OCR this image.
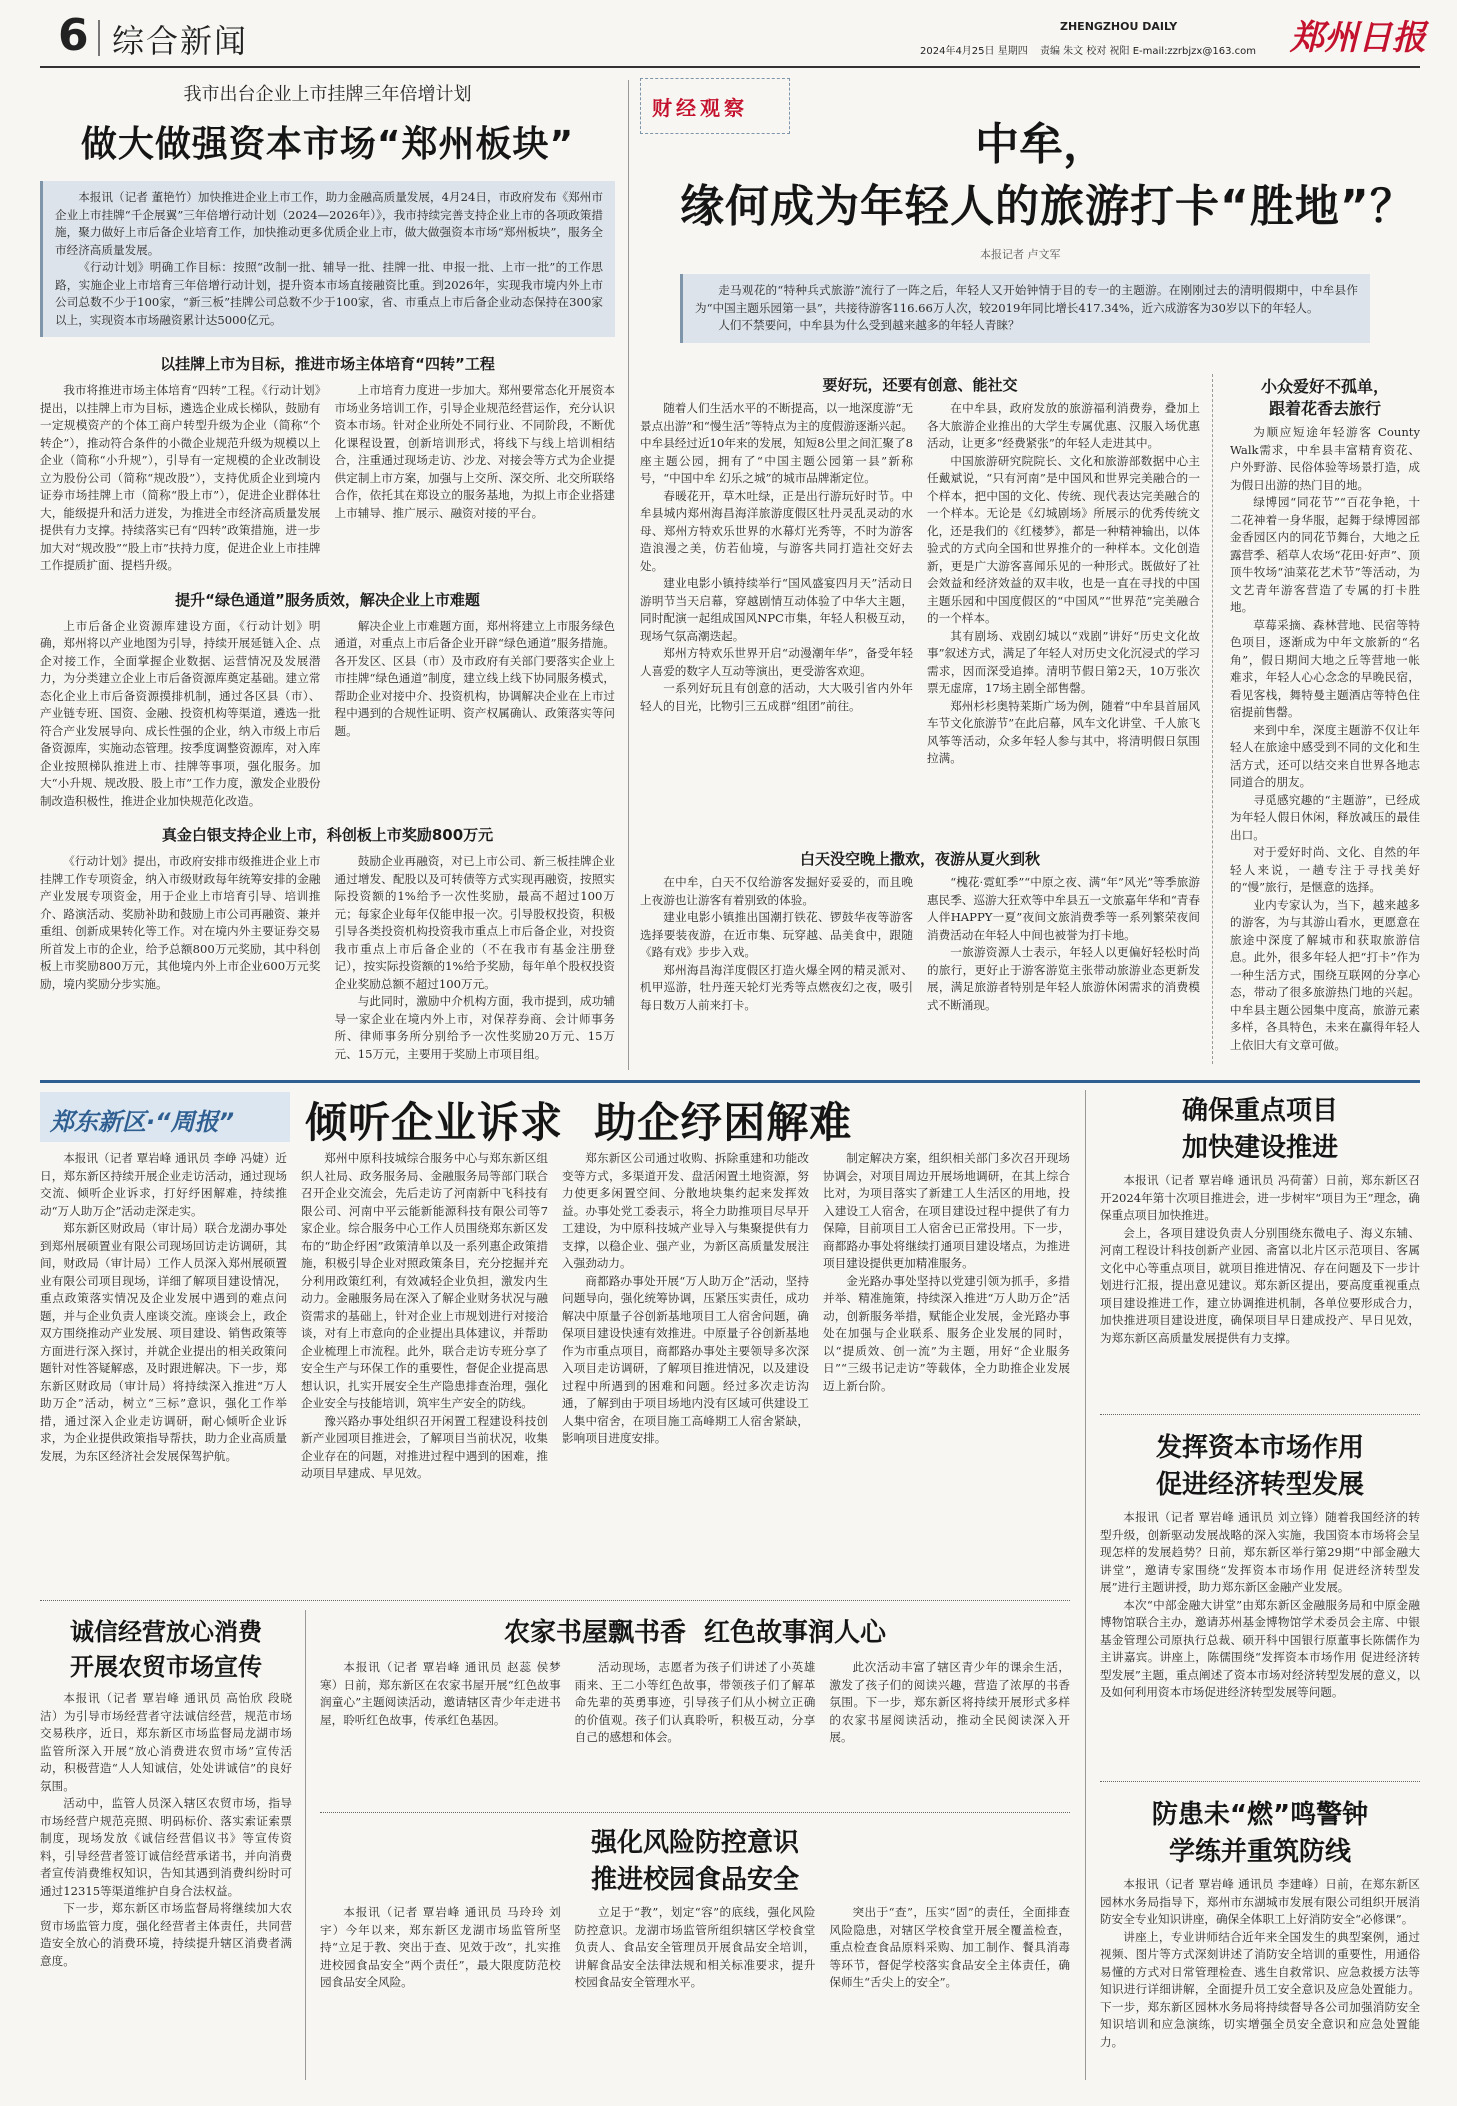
6 综合新闻	ZHENGZHOU DAILY
2024年4月25日 星期四 责编 朱文 校对 祝阳 E-mail:zzrbjzx@163.com 郑州日报
我市出台企业上市挂牌三年倍增计划
做大做强资本市场“郑州板块”

本报讯（记者 董艳竹）加快推进企业上市工作，助力金融高质量发展，4月24日，市政府发布《郑州市企业上市挂牌“千企展翼”三年倍增行动计划（2024—2026年）》，我市持续完善支持企业上市的各项政策措施，聚力做好上市后备企业培育工作，加快推动更多优质企业上市，做大做强资本市场“郑州板块”，服务全市经济高质量发展。

《行动计划》明确工作目标：按照“改制一批、辅导一批、挂牌一批、申报一批、上市一批”的工作思路，实施企业上市培育三年倍增行动计划，提升资本市场直接融资比重。到2026年，实现我市境内外上市公司总数不少于100家，“新三板”挂牌公司总数不少于100家，省、市重点上市后备企业动态保持在300家以上，实现资本市场融资累计达5000亿元。

以挂牌上市为目标，推进市场主体培育“四转”工程

我市将推进市场主体培育“四转”工程。《行动计划》提出，以挂牌上市为目标，遴选企业成长梯队，鼓励有一定规模资产的个体工商户转型升级为企业（简称“个转企”），推动符合条件的小微企业规范升级为规模以上企业（简称“小升规”），引导有一定规模的企业改制设立为股份公司（简称“规改股”），支持优质企业到境内证券市场挂牌上市（简称“股上市”），促进企业群体壮大，能级提升和活力迸发，为推进全市经济高质量发展提供有力支撑。持续落实已有“四转”政策措施，进一步加大对“规改股”“股上市”扶持力度，促进企业上市挂牌工作提质扩面、提档升级。

上市培育力度进一步加大。郑州要常态化开展资本市场业务培训工作，引导企业规范经营运作，充分认识资本市场。针对企业所处不同行业、不同阶段，不断优化课程设置，创新培训形式，将线下与线上培训相结合，注重通过现场走访、沙龙、对接会等方式为企业提供定制上市方案，加强与上交所、深交所、北交所联络合作，依托其在郑设立的服务基地，为拟上市企业搭建上市辅导、推广展示、融资对接的平台。

提升“绿色通道”服务质效，解决企业上市难题

上市后备企业资源库建设方面，《行动计划》明确，郑州将以产业地图为引导，持续开展延链入企、点企对接工作，全面掌握企业数据、运营情况及发展潜力，为分类建立企业上市后备资源库奠定基础。建立常态化企业上市后备资源摸排机制，通过各区县（市）、产业链专班、国资、金融、投资机构等渠道，遴选一批符合产业发展导向、成长性强的企业，纳入市级上市后备资源库，实施动态管理。按季度调整资源库，对入库企业按照梯队推进上市、挂牌等事项，强化服务。加大“小升规、规改股、股上市”工作力度，激发企业股份制改造积极性，推进企业加快规范化改造。

解决企业上市难题方面，郑州将建立上市服务绿色通道，对重点上市后备企业开辟“绿色通道”服务措施。各开发区、区县（市）及市政府有关部门要落实企业上市挂牌“绿色通道”制度，建立线上线下协同服务模式，帮助企业对接中介、投资机构，协调解决企业在上市过程中遇到的合规性证明、资产权属确认、政策落实等问题。

真金白银支持企业上市，科创板上市奖励800万元

《行动计划》提出，市政府安排市级推进企业上市挂牌工作专项资金，纳入市级财政每年统筹安排的金融产业发展专项资金，用于企业上市培育引导、培训推介、路演活动、奖励补助和鼓励上市公司再融资、兼并重组、创新成果转化等工作。对在境内外主要证券交易所首发上市的企业，给予总额800万元奖励，其中科创板上市奖励800万元，其他境内外上市企业600万元奖励，境内奖励分步实施。

鼓励企业再融资，对已上市公司、新三板挂牌企业通过增发、配股以及可转债等方式实现再融资，按照实际投资额的1%给予一次性奖励，最高不超过100万元；每家企业每年仅能申报一次。引导股权投资，积极引导各类投资机构投资我市重点上市后备企业，对投资我市重点上市后备企业的（不在我市有基金注册登记），按实际投资额的1%给予奖励，每年单个股权投资企业奖励总额不超过100万元。

与此同时，激励中介机构方面，我市提到，成功辅导一家企业在境内外上市，对保荐券商、会计师事务所、律师事务所分别给予一次性奖励20万元、15万元、15万元，主要用于奖励上市项目组。

财经观察
中牟，
缘何成为年轻人的旅游打卡“胜地”？
本报记者 卢文军

走马观花的“特种兵式旅游”流行了一阵之后，年轻人又开始钟情于目的专一的主题游。在刚刚过去的清明假期中，中牟县作为“中国主题乐园第一县”，共接待游客116.66万人次，较2019年同比增长417.34%，近六成游客为30岁以下的年轻人。

人们不禁要问，中牟县为什么受到越来越多的年轻人青睐？

要好玩，还要有创意、能社交

随着人们生活水平的不断提高，以一地深度游“无景点出游”和“慢生活”等特点为主的度假游逐渐兴起。中牟县经过近10年来的发展，知短8公里之间汇聚了8座主题公园，拥有了“中国主题公园第一县”新称号，“中国中牟 幻乐之城”的城市品牌渐定位。

春暖花开，草木吐绿，正是出行游玩好时节。中牟县城内郑州海昌海洋旅游度假区牡丹灵乱灵动的水母、郑州方特欢乐世界的水幕灯光秀等，不时为游客造浪漫之美，仿若仙境，与游客共同打造社交好去处。

建业电影小镇持续举行“国风盛宴四月天”活动日游明节当天启幕，穿越剧情互动体验了中华大主题，同时配演一起组成国风NPC市集，年轻人积极互动，现场气氛高潮迭起。

郑州方特欢乐世界开启“动漫潮年华”，备受年轻人喜爱的数字人互动等演出，更受游客欢迎。

一系列好玩且有创意的活动，大大吸引省内外年轻人的目光，比物引三五成群“组团”前往。

在中牟县，政府发放的旅游福利消费券，叠加上各大旅游企业推出的大学生专属优惠、汉服入场优惠活动，让更多“经费紧张”的年轻人走进其中。

中国旅游研究院院长、文化和旅游部数据中心主任戴斌说，“只有河南”是中国风和世界完美融合的一个样本，把中国的文化、传统、现代表达完美融合的一个样本。无论是《幻城剧场》所展示的优秀传统文化，还是我们的《红楼梦》，都是一种精神输出，以体验式的方式向全国和世界推介的一种样本。文化创造新，更是广大游客喜闻乐见的一种形式。既做好了社会效益和经济效益的双丰收，也是一直在寻找的中国主题乐园和中国度假区的“中国风”“世界范”完美融合的一个样本。

其有剧场、戏剧幻城以“戏剧”讲好“历史文化故事”叙述方式，满足了年轻人对历史文化沉浸式的学习需求，因而深受追捧。清明节假日第2天，10万张次票无虚席，17场主剧全部售罄。

郑州杉杉奥特莱斯广场为例，随着“中牟县首届风车节文化旅游节”在此启幕，风车文化讲堂、千人旅飞风筝等活动，众多年轻人参与其中，将清明假日氛围拉满。

白天没空晚上撒欢，夜游从夏火到秋

在中牟，白天不仅给游客发掘好妥妥的，而且晚上夜游也让游客有着别致的体验。

建业电影小镇推出国潮打铁花、锣鼓华夜等游客选择要装夜游，在近市集、玩穿越、品美食中，跟随《路有戏》步步入戏。

郑州海昌海洋度假区打造火爆全网的精灵派对、机甲巡游，牡丹莲天轮灯光秀等点燃夜幻之夜，吸引每日数万人前来打卡。

“槐花·霓虹季”“中原之夜、满“年”风光”等季旅游惠民季、巡游大狂欢等中牟县五一文旅嘉年华和“青春人伴HAPPY一夏”夜间文旅消费季等一系列繁荣夜间消费活动在年轻人中间也被誉为打卡地。

一旅游资源人士表示，年轻人以更偏好轻松时尚的旅行，更好止于游客游览主张带动旅游业态更新发展，满足旅游者特别是年轻人旅游休闲需求的消费模式不断涌现。

小众爱好不孤单，
跟着花香去旅行

为顺应短途年轻游客 County Walk需求，中牟县丰富精育资花、户外野游、民俗体验等场景打造，成为假日出游的热门目的地。

绿博园“同花节”“百花争艳，十二花神着一身华服，起舞于绿博园部金香园区内的同花节舞台，大地之丘露营季、稻草人农场“花田·好声”、顶顶牛牧场“油菜花艺术节”等活动，为文艺青年游客营造了专属的打卡胜地。

草莓采摘、森林营地、民宿等特色项目，逐渐成为中年文旅新的“名角”，假日期间大地之丘等营地一帐难求，年轻人心心念念的早晚民宿，看见客栈，舞特曼主题酒店等特色住宿提前售罄。

来到中牟，深度主题游不仅让年轻人在旅途中感受到不同的文化和生活方式，还可以结交来自世界各地志同道合的朋友。

寻觅感究趣的“主题游”，已经成为年轻人假日休闲，释放减压的最佳出口。

对于爱好时尚、文化、自然的年轻人来说，一趟专注于寻找美好的“慢”旅行，是惬意的选择。

业内专家认为，当下，越来越多的游客，为与其游山看水，更愿意在旅途中深度了解城市和获取旅游信息。此外，很多年轻人把“打卡”作为一种生活方式，围绕互联网的分享心态，带动了很多旅游热门地的兴起。中牟县主题公园集中度高，旅游元素多样，各具特色，未来在赢得年轻人上依旧大有文章可做。

郑东新区·“周报”	倾听企业诉求  助企纾困解难

本报讯（记者 覃岩峰 通讯员 李峥 冯婕）近日，郑东新区持续开展企业走访活动，通过现场交流、倾听企业诉求，打好纾困解难，持续推动“万人助万企”活动走深走实。

郑东新区财政局（审计局）联合龙湖办事处到郑州展硕置业有限公司现场回访走访调研，其间，财政局（审计局）工作人员深入郑州展硕置业有限公司项目现场，详细了解项目建设情况，重点政策落实情况及企业发展中遇到的难点问题，并与企业负责人座谈交流。座谈会上，政企双方围绕推动产业发展、项目建设、销售政策等方面进行深入探讨，并就企业提出的相关政策问题针对性答疑解惑，及时跟进解决。下一步，郑东新区财政局（审计局）将持续深入推进“万人助万企”活动，树立“三标”意识，强化工作举措，通过深入企业走访调研，耐心倾听企业诉求，为企业提供政策指导帮扶，助力企业高质量发展，为东区经济社会发展保驾护航。

郑州中原科技城综合服务中心与郑东新区组织人社局、政务服务局、金融服务局等部门联合召开企业交流会，先后走访了河南新中飞科技有限公司、河南中平云能新能源科技有限公司等7家企业。综合服务中心工作人员围绕郑东新区发布的“助企纾困”政策清单以及一系列惠企政策措施，积极引导企业对照政策条目，充分挖掘并充分利用政策红利，有效减轻企业负担，激发内生动力。金融服务局在深入了解企业财务状况与融资需求的基础上，针对企业上市规划进行对接洽谈，对有上市意向的企业提出具体建议，并帮助企业梳理上市流程。此外，联合走访专班分享了安全生产与环保工作的重要性，督促企业提高思想认识，扎实开展安全生产隐患排查治理，强化企业安全与技能培训，筑牢生产安全的防线。

豫兴路办事处组织召开闲置工程建设科技创新产业园项目推进会，了解项目当前状况，收集企业存在的问题，对推进过程中遇到的困难，推动项目早建成、早见效。

郑东新区公司通过收购、拆除重建和功能改变等方式，多渠道开发、盘活闲置土地资源，努力使更多闲置空间、分散地块集约起来发挥效益。办事处党工委表示，将全力助推项目尽早开工建设，为中原科技城产业导入与集聚提供有力支撑，以稳企业、强产业，为新区高质量发展注入强劲动力。

商都路办事处开展“万人助万企”活动，坚持问题导向，强化统筹协调，压紧压实责任，成功解决中原量子谷创新基地项目工人宿舍问题，确保项目建设快速有效推进。中原量子谷创新基地作为市重点项目，商都路办事处主要领导多次深入项目走访调研，了解项目推进情况，以及建设过程中所遇到的困难和问题。经过多次走访沟通，了解到由于项目场地内没有区域可供建设工人集中宿舍，在项目施工高峰期工人宿舍紧缺，影响项目进度安排。

制定解决方案，组织相关部门多次召开现场协调会，对项目周边开展场地调研，在其上综合比对，为项目落实了新建工人生活区的用地，投入建设工人宿舍，在项目建设过程中提供了有力保障，目前项目工人宿舍已正常投用。下一步，商都路办事处将继续打通项目建设堵点，为推进项目建设提供更加精准服务。

金光路办事处坚持以党建引领为抓手，多措并举、精准施策，持续深入推进“万人助万企”活动，创新服务举措，赋能企业发展，金光路办事处在加强与企业联系、服务企业发展的同时，以“提质效、创一流”为主题，用好“企业服务日”“三级书记走访”等载体，全力助推企业发展迈上新台阶。

确保重点项目
加快建设推进

本报讯（记者 覃岩峰 通讯员 冯荷蕾）日前，郑东新区召开2024年第十次项目推进会，进一步树牢“项目为王”理念，确保重点项目加快推进。

会上，各项目建设负责人分别围绕东微电子、海义东辅、河南工程设计科技创新产业园、斋富以北片区示范项目、客属文化中心等重点项目，就项目推进情况、存在问题及下一步计划进行汇报，提出意见建议。郑东新区提出，要高度重视重点项目建设推进工作，建立协调推进机制，各单位要形成合力，加快推进项目建设进度，确保项目早日建成投产、早日见效，为郑东新区高质量发展提供有力支撑。

发挥资本市场作用
促进经济转型发展

本报讯（记者 覃岩峰 通讯员 刘立锋）随着我国经济的转型升级，创新驱动发展战略的深入实施，我国资本市场将会呈现怎样的发展趋势？日前，郑东新区举行第29期“中部金融大讲堂”，邀请专家围绕“发挥资本市场作用 促进经济转型发展”进行主题讲授，助力郑东新区金融产业发展。

本次“中部金融大讲堂”由郑东新区金融服务局和中原金融博物馆联合主办，邀请苏州基金博物馆学术委员会主席、中银基金管理公司原执行总裁、硕开科中国银行原董事长陈儒作为主讲嘉宾。讲座上，陈儒围绕“发挥资本市场作用 促进经济转型发展”主题，重点阐述了资本市场对经济转型发展的意义，以及如何利用资本市场促进经济转型发展等问题。

防患未“燃”鸣警钟
学练并重筑防线

本报讯（记者 覃岩峰 通讯员 李建峰）日前，在郑东新区园林水务局指导下，郑州市东湖城市发展有限公司组织开展消防安全专业知识讲座，确保全体职工上好消防安全“必修课”。

讲座上，专业讲师结合近年来全国发生的典型案例，通过视频、图片等方式深刻讲述了消防安全培训的重要性，用通俗易懂的方式对日常管理检查、逃生自救常识、应急救援方法等知识进行详细讲解，全面提升员工安全意识及应急处置能力。下一步，郑东新区园林水务局将持续督导各公司加强消防安全知识培训和应急演练，切实增强全员安全意识和应急处置能力。

诚信经营放心消费
开展农贸市场宣传

本报讯（记者 覃岩峰 通讯员 高怡欣 段晓洁）为引导市场经营者守法诚信经营，规范市场交易秩序，近日，郑东新区市场监督局龙湖市场监管所深入开展“放心消费进农贸市场”宣传活动，积极营造“人人知诚信，处处讲诚信”的良好氛围。

活动中，监管人员深入辖区农贸市场，指导市场经营户规范亮照、明码标价、落实索证索票制度，现场发放《诚信经营倡议书》等宣传资料，引导经营者签订诚信经营承诺书，并向消费者宣传消费维权知识，告知其遇到消费纠纷时可通过12315等渠道维护自身合法权益。

下一步，郑东新区市场监督局将继续加大农贸市场监管力度，强化经营者主体责任，共同营造安全放心的消费环境，持续提升辖区消费者满意度。

农家书屋飘书香  红色故事润人心

本报讯（记者 覃岩峰 通讯员 赵蕊 侯梦寒）日前，郑东新区在农家书屋开展“红色故事润童心”主题阅读活动，邀请辖区青少年走进书屋，聆听红色故事，传承红色基因。

活动现场，志愿者为孩子们讲述了小英雄雨来、王二小等红色故事，带领孩子们了解革命先辈的英勇事迹，引导孩子们从小树立正确的价值观。孩子们认真聆听，积极互动，分享自己的感想和体会。

此次活动丰富了辖区青少年的课余生活，激发了孩子们的阅读兴趣，营造了浓厚的书香氛围。下一步，郑东新区将持续开展形式多样的农家书屋阅读活动，推动全民阅读深入开展。

强化风险防控意识
推进校园食品安全

本报讯（记者 覃岩峰 通讯员 马玲玲 刘宇）今年以来，郑东新区龙湖市场监管所坚持“立足于教、突出于查、见效于改”，扎实推进校园食品安全“两个责任”，最大限度防范校园食品安全风险。

立足于“教”，划定“容”的底线，强化风险防控意识。龙湖市场监管所组织辖区学校食堂负责人、食品安全管理员开展食品安全培训，讲解食品安全法律法规和相关标准要求，提升校园食品安全管理水平。

突出于“查”，压实“固”的责任，全面排查风险隐患，对辖区学校食堂开展全覆盖检查，重点检查食品原料采购、加工制作、餐具消毒等环节，督促学校落实食品安全主体责任，确保师生“舌尖上的安全”。
